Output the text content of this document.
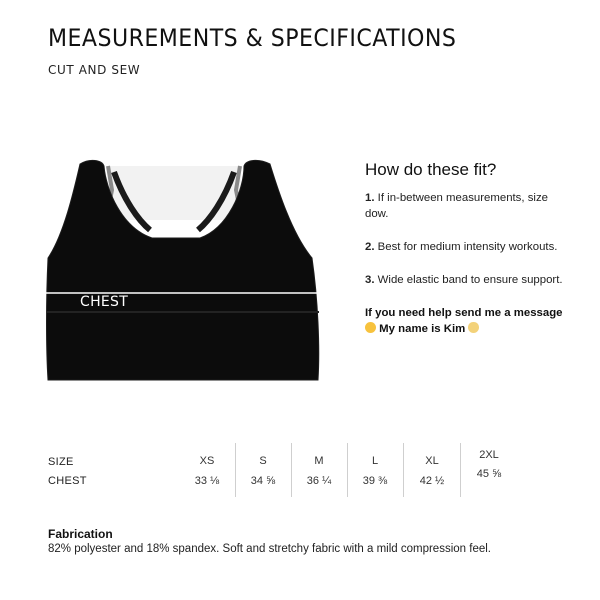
MEASUREMENTS & SPECIFICATIONS
CUT AND SEW
CHEST
How do these fit?

1. If in-between measurements, size dow.

2. Best for medium intensity workouts.

3. Wide elastic band to ensure support.

If you need help send me a message  My name is Kim

SIZE
CHEST
XS
33 ⅛
S
34 ⅝
M
36 ¼
L
39 ⅜
XL
42 ½
2XL
45 ⅝
Fabrication
82% polyester and 18% spandex. Soft and stretchy fabric with a mild compression feel.
